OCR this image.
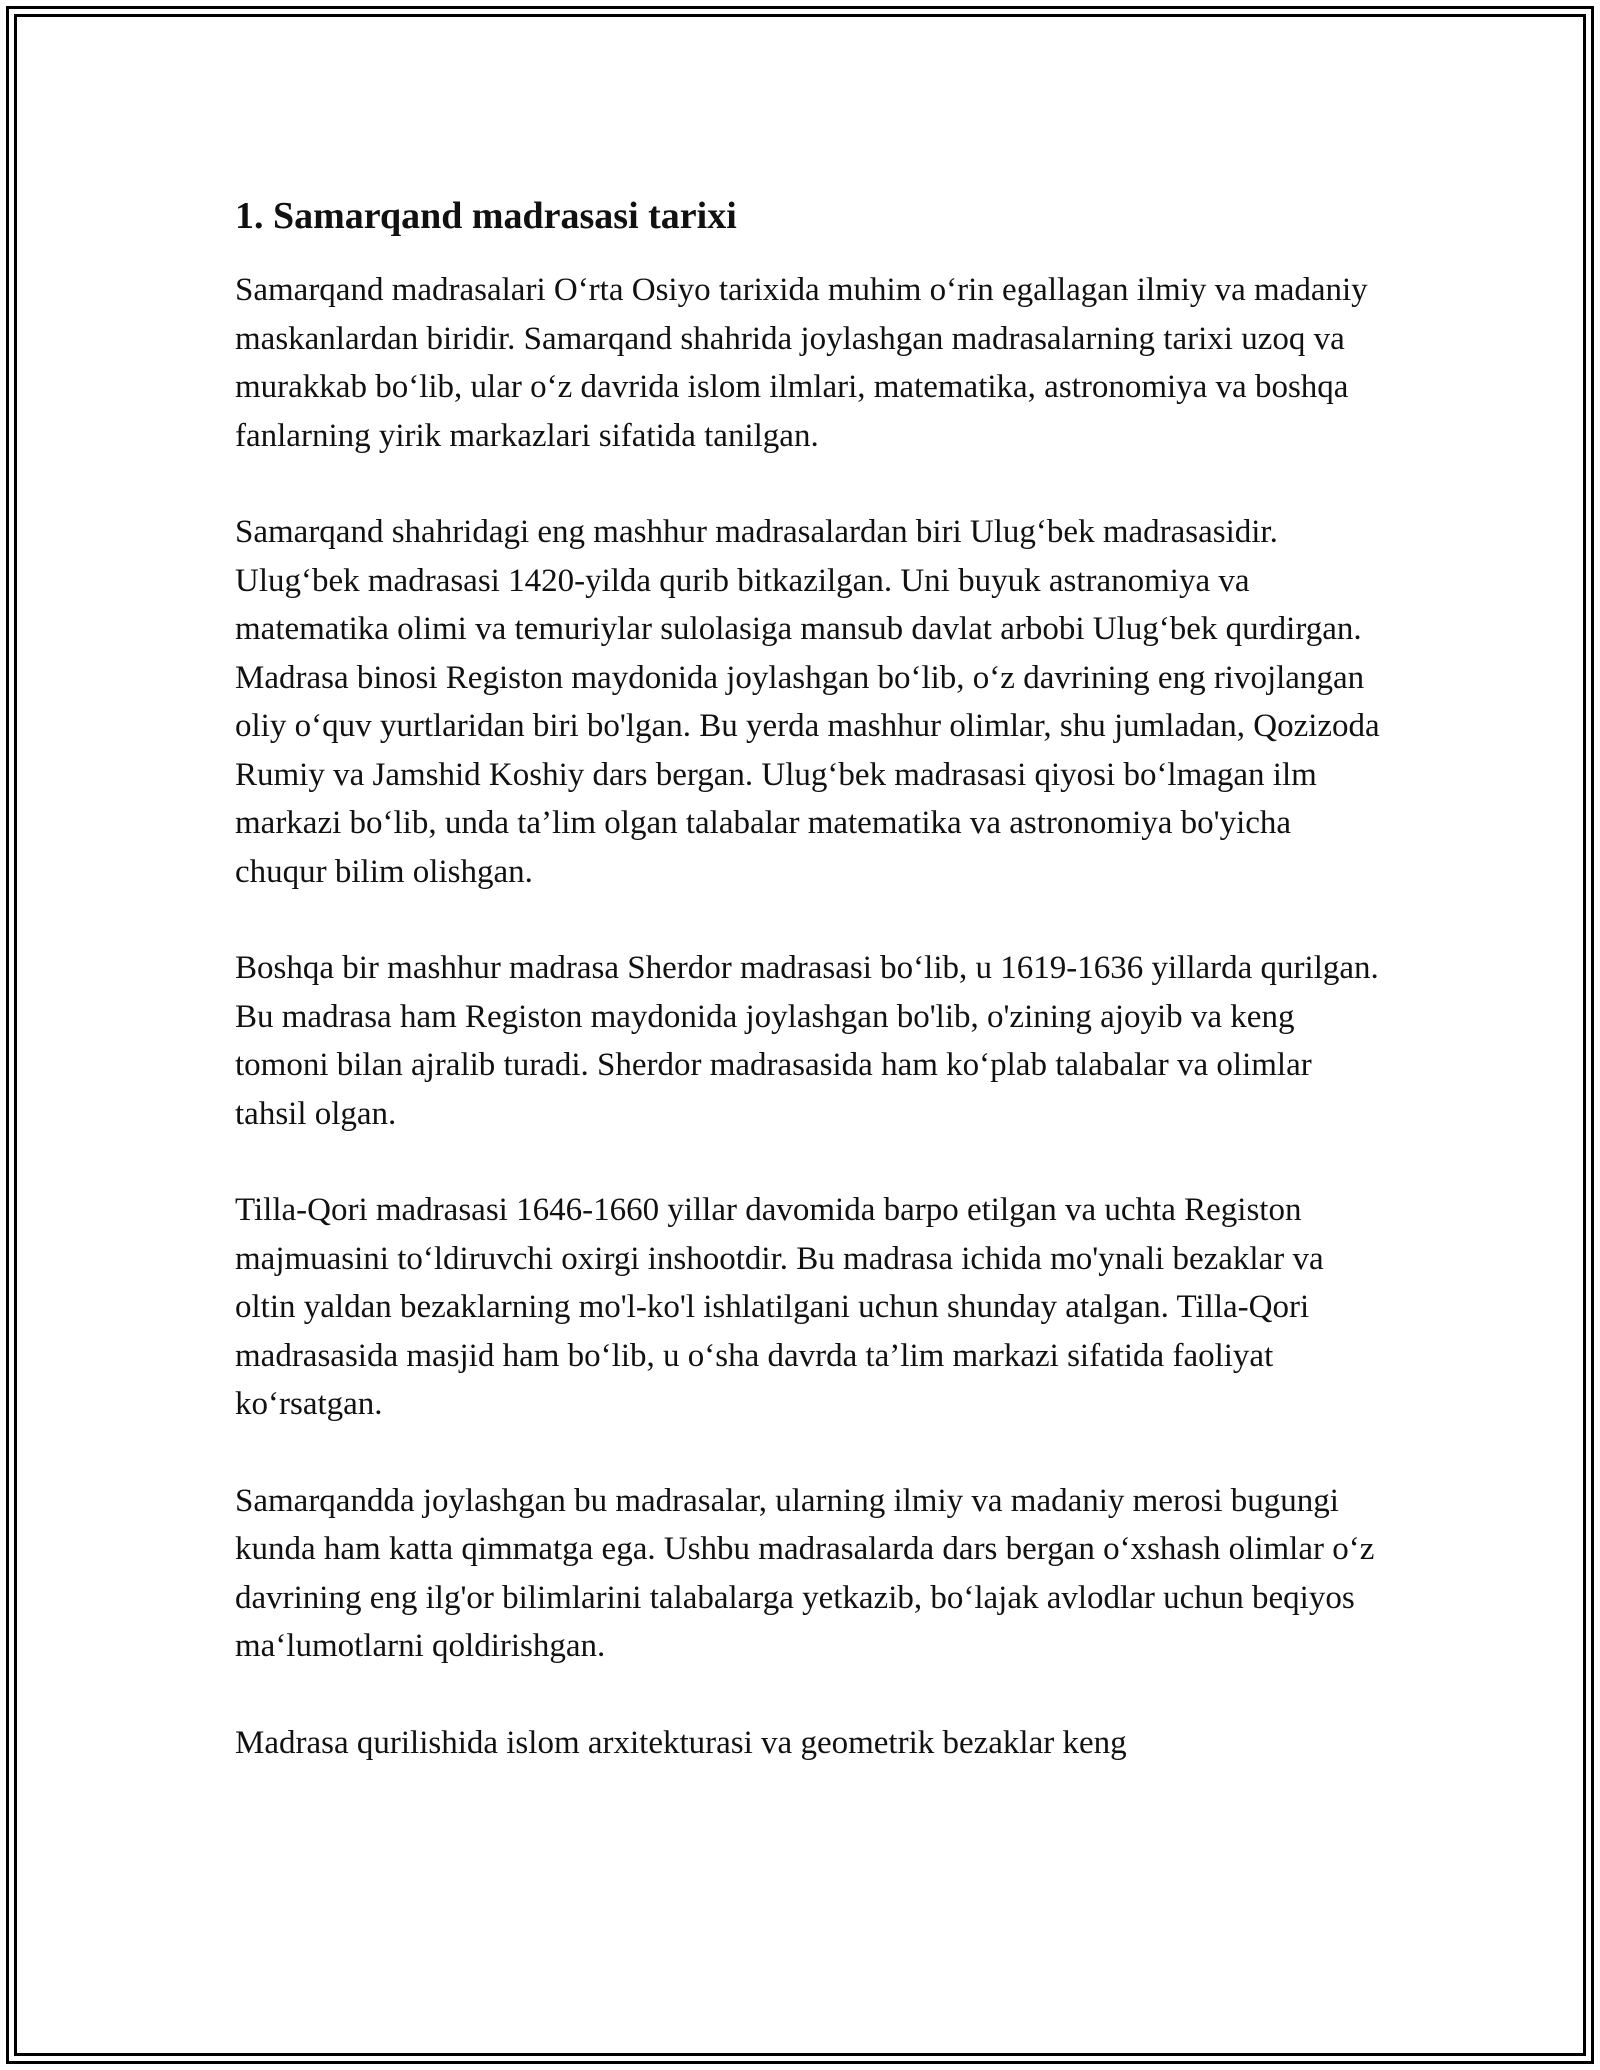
1. Samarqand madrasasi tarixi

Samarqand madrasalari Oʻrta Osiyo tarixida muhim oʻrin egallagan ilmiy va madaniy maskanlardan biridir. Samarqand shahrida joylashgan madrasalarning tarixi uzoq va murakkab boʻlib, ular oʻz davrida islom ilmlari, matematika, astronomiya va boshqa fanlarning yirik markazlari sifatida tanilgan.

Samarqand shahridagi eng mashhur madrasalardan biri Ulugʻbek madrasasidir. Ulugʻbek madrasasi 1420-yilda qurib bitkazilgan. Uni buyuk astranomiya va matematika olimi va temuriylar sulolasiga mansub davlat arbobi Ulugʻbek qurdirgan. Madrasa binosi Registon maydonida joylashgan boʻlib, oʻz davrining eng rivojlangan oliy oʻquv yurtlaridan biri bo'lgan. Bu yerda mashhur olimlar, shu jumladan, Qozizoda Rumiy va Jamshid Koshiy dars bergan. Ulugʻbek madrasasi qiyosi boʻlmagan ilm markazi boʻlib, unda ta’lim olgan talabalar matematika va astronomiya bo'yicha chuqur bilim olishgan.

Boshqa bir mashhur madrasa Sherdor madrasasi boʻlib, u 1619-1636 yillarda qurilgan. Bu madrasa ham Registon maydonida joylashgan bo'lib, o'zining ajoyib va keng tomoni bilan ajralib turadi. Sherdor madrasasida ham koʻplab talabalar va olimlar tahsil olgan.

Tilla-Qori madrasasi 1646-1660 yillar davomida barpo etilgan va uchta Registon majmuasini toʻldiruvchi oxirgi inshootdir. Bu madrasa ichida mo'ynali bezaklar va oltin yaldan bezaklarning mo'l-ko'l ishlatilgani uchun shunday atalgan. Tilla-Qori madrasasida masjid ham boʻlib, u oʻsha davrda ta’lim markazi sifatida faoliyat koʻrsatgan.

Samarqandda joylashgan bu madrasalar, ularning ilmiy va madaniy merosi bugungi kunda ham katta qimmatga ega. Ushbu madrasalarda dars bergan oʻxshash olimlar oʻz davrining eng ilg'or bilimlarini talabalarga yetkazib, boʻlajak avlodlar uchun beqiyos maʻlumotlarni qoldirishgan.

Madrasa qurilishida islom arxitekturasi va geometrik bezaklar keng
